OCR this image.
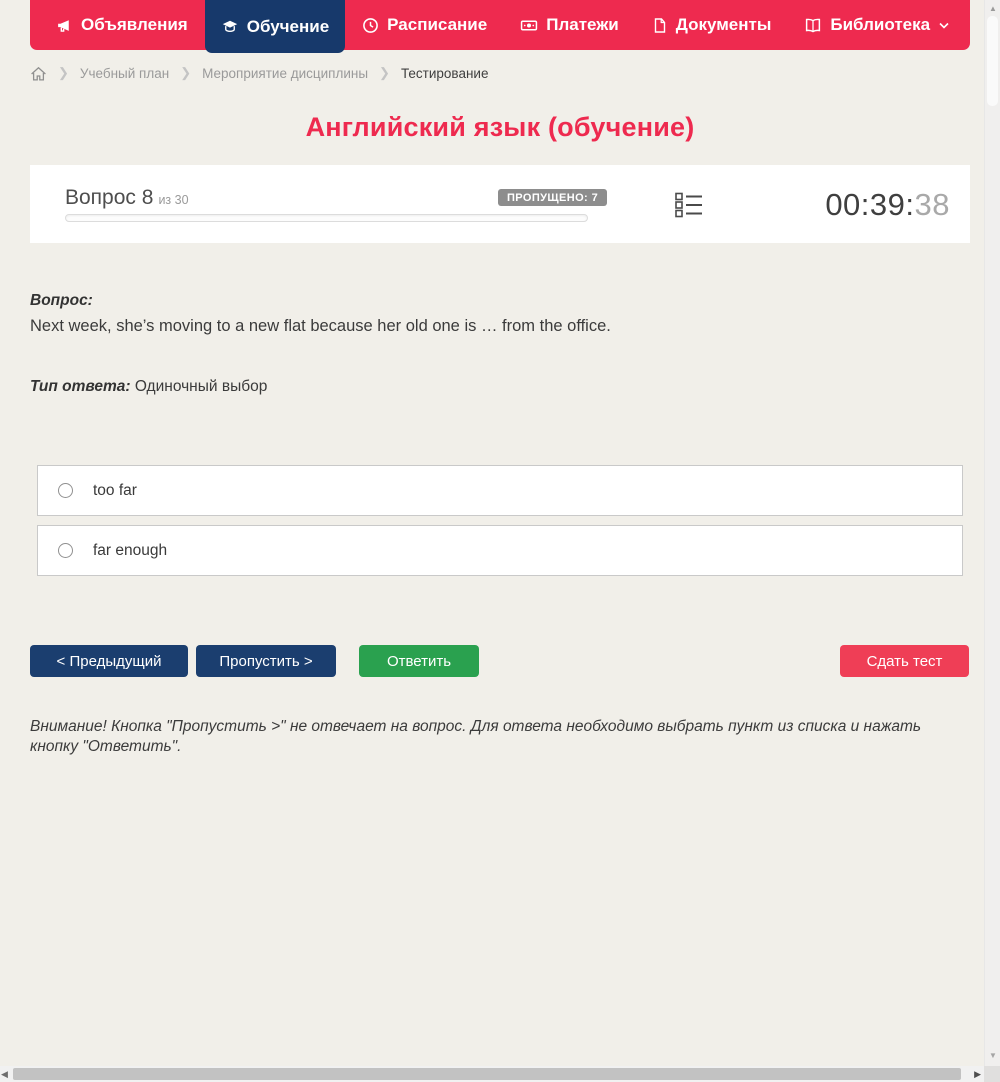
Объявления	Обучение	Расписание	Платежи	Документы	Библиотека
❯ Учебный план ❯ Мероприятие дисциплины ❯ Тестирование
Английский язык (обучение)
Вопрос 8 из 30	ПРОПУЩЕНО: 7	00:39:38
Вопрос:
Next week, she’s moving to a new flat because her old one is … from the office.
Тип ответа: Одиночный выбор
too far
far enough
< Предыдущий	Пропустить >	Ответить	Сдать тест
Внимание! Кнопка "Пропустить >" не отвечает на вопрос. Для ответа необходимо выбрать пункт из списка и нажать кнопку "Ответить".
▲
▼
◀	▶
